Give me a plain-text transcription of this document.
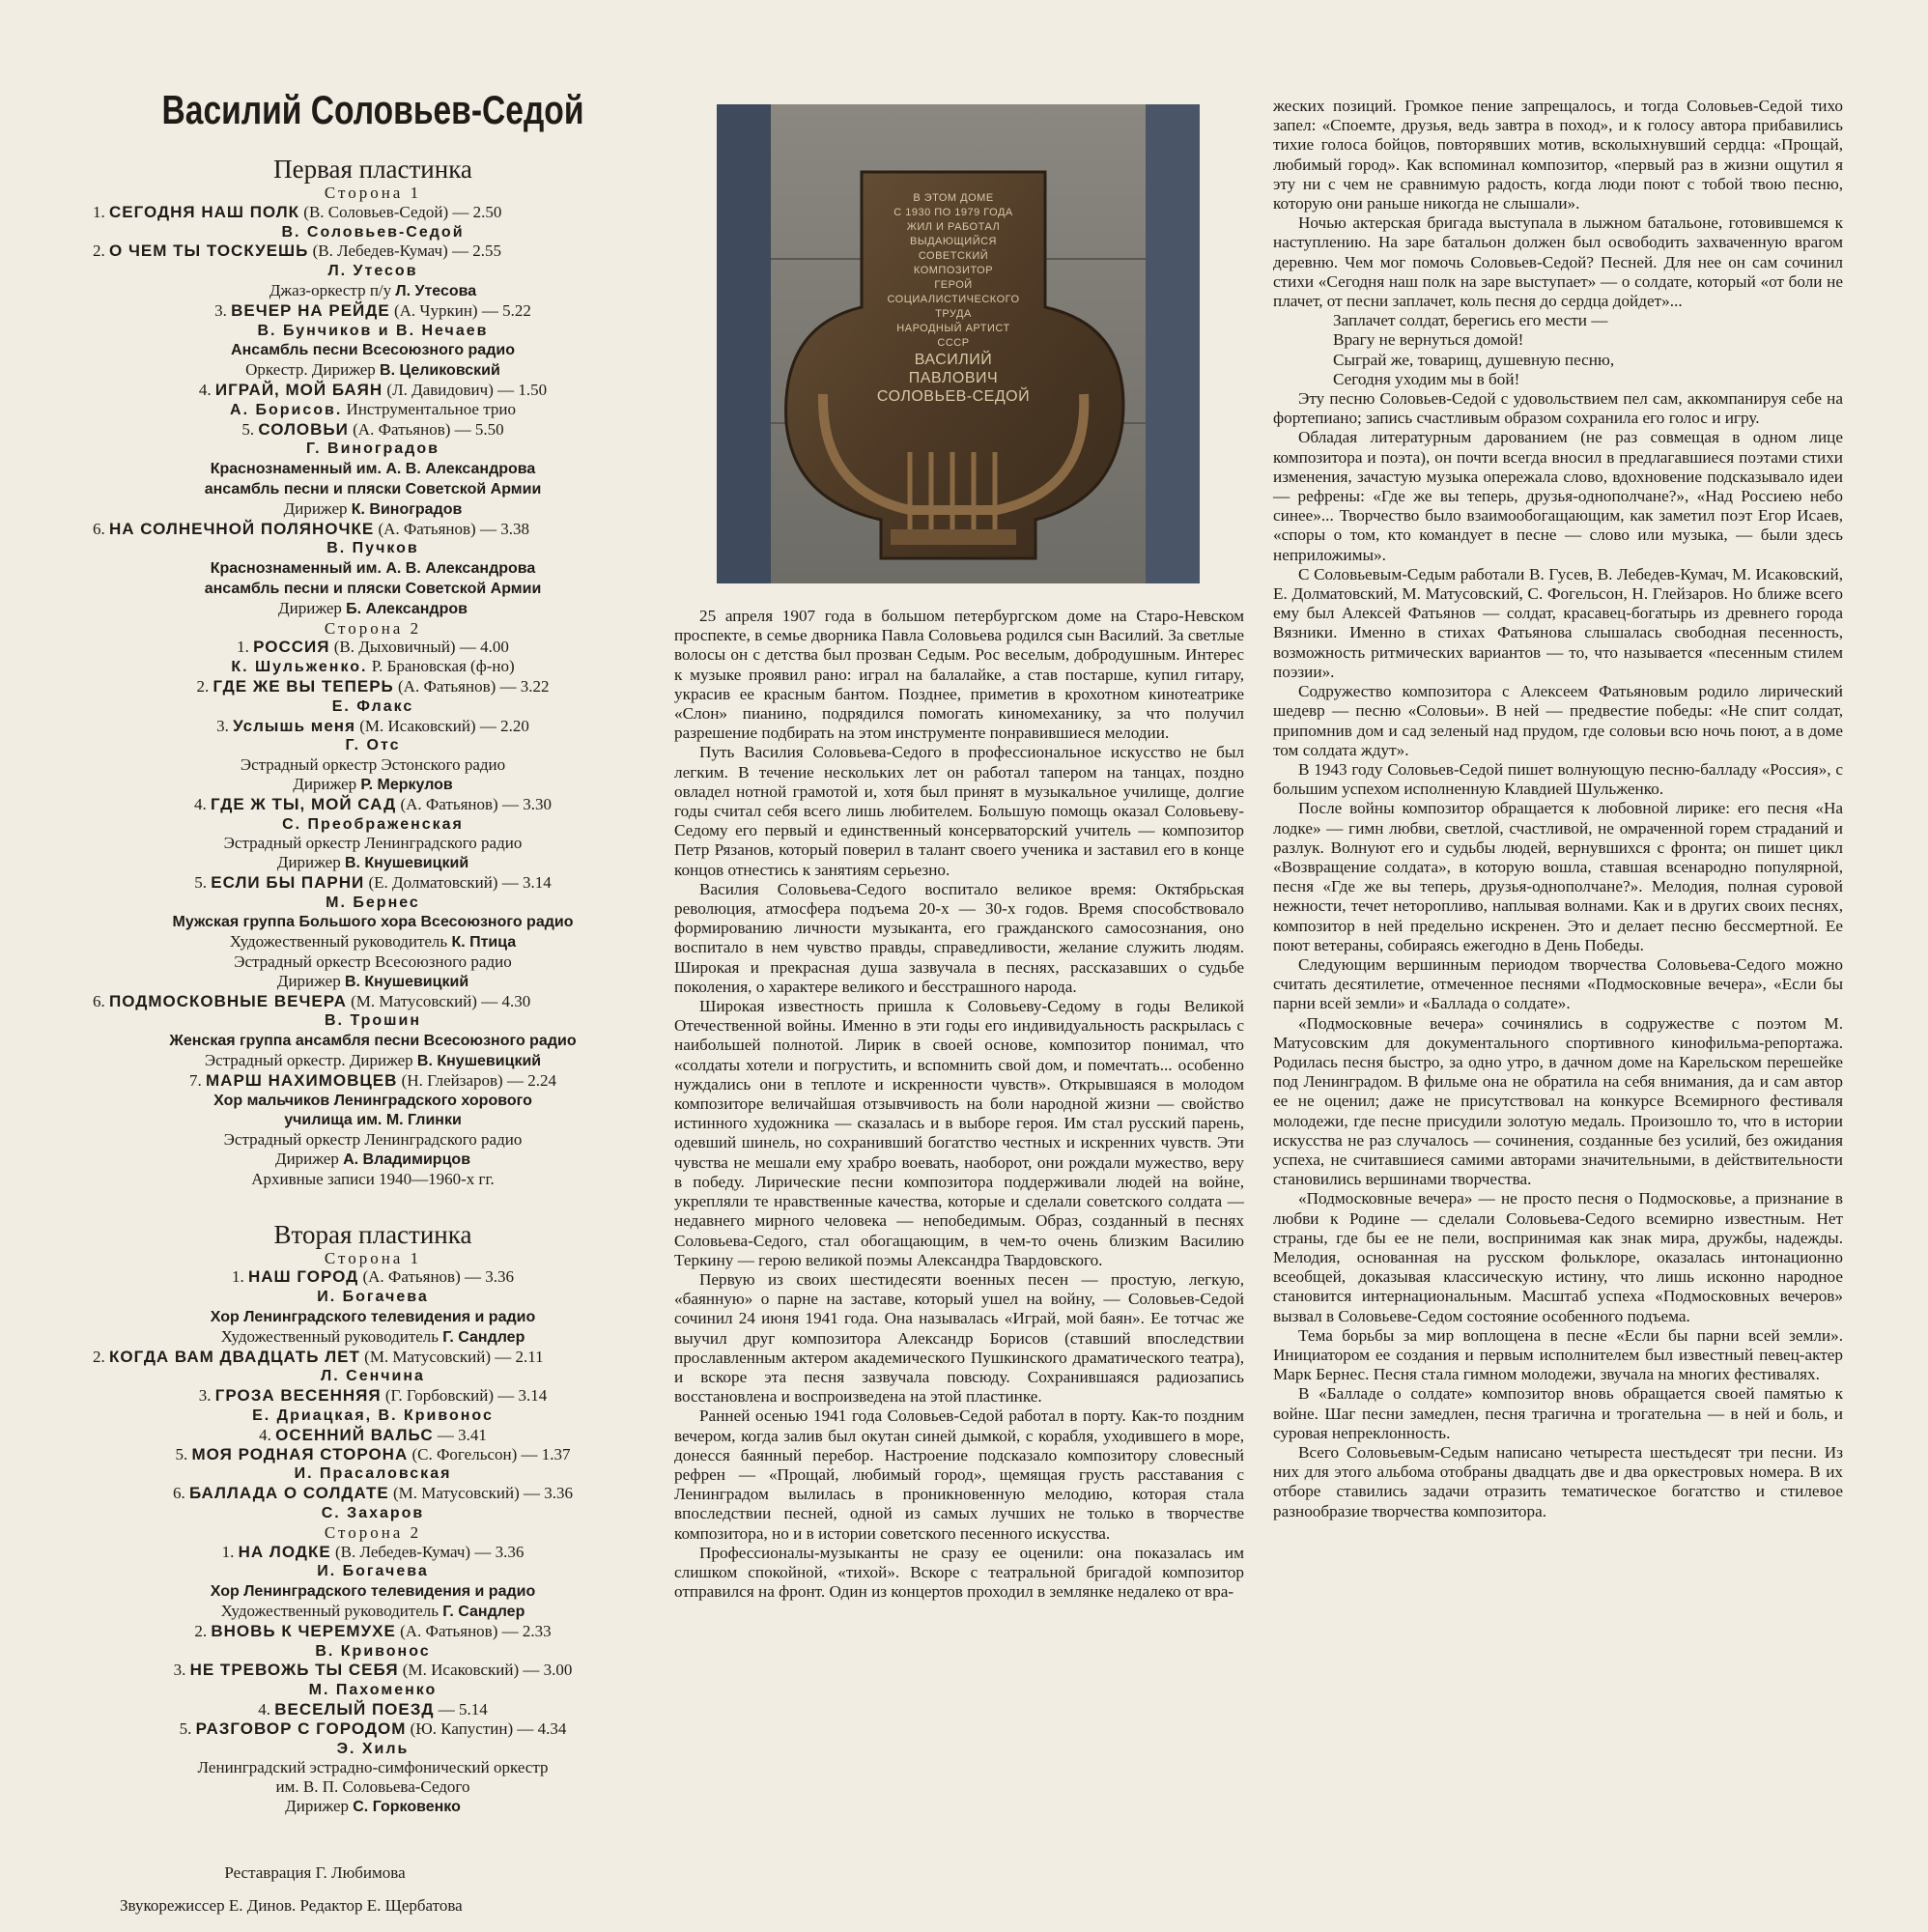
Василий Соловьев-Седой
Первая пластинка
Сторона 1
1. СЕГОДНЯ НАШ ПОЛК (В. Соловьев-Седой) — 2.50
В. Соловьев-Седой
2. О ЧЕМ ТЫ ТОСКУЕШЬ (В. Лебедев-Кумач) — 2.55
Л. Утесов
Джаз-оркестр п/у Л. Утесова
3. ВЕЧЕР НА РЕЙДЕ (А. Чуркин) — 5.22
В. Бунчиков и В. Нечаев
Ансамбль песни Всесоюзного радио
Оркестр. Дирижер В. Целиковский
4. ИГРАЙ, МОЙ БАЯН (Л. Давидович) — 1.50
А. Борисов. Инструментальное трио
5. СОЛОВЬИ (А. Фатьянов) — 5.50
Г. Виноградов
Краснознаменный им. А. В. Александрова
ансамбль песни и пляски Советской Армии
Дирижер К. Виноградов
6. НА СОЛНЕЧНОЙ ПОЛЯНОЧКЕ (А. Фатьянов) — 3.38
В. Пучков
Краснознаменный им. А. В. Александрова
ансамбль песни и пляски Советской Армии
Дирижер Б. Александров
Сторона 2
1. РОССИЯ (В. Дыховичный) — 4.00
К. Шульженко. Р. Брановская (ф-но)
2. ГДЕ ЖЕ ВЫ ТЕПЕРЬ (А. Фатьянов) — 3.22
Е. Флакс
3. Услышь меня (М. Исаковский) — 2.20
Г. Отс
Эстрадный оркестр Эстонского радио
Дирижер Р. Меркулов
4. ГДЕ Ж ТЫ, МОЙ САД (А. Фатьянов) — 3.30
С. Преображенская
Эстрадный оркестр Ленинградского радио
Дирижер В. Кнушевицкий
5. ЕСЛИ БЫ ПАРНИ (Е. Долматовский) — 3.14
М. Бернес
Мужская группа Большого хора Всесоюзного радио
Художественный руководитель К. Птица
Эстрадный оркестр Всесоюзного радио
Дирижер В. Кнушевицкий
6. ПОДМОСКОВНЫЕ ВЕЧЕРА (М. Матусовский) — 4.30
В. Трошин
Женская группа ансамбля песни Всесоюзного радио
Эстрадный оркестр. Дирижер В. Кнушевицкий
7. МАРШ НАХИМОВЦЕВ (Н. Глейзаров) — 2.24
Хор мальчиков Ленинградского хорового
училища им. М. Глинки
Эстрадный оркестр Ленинградского радио
Дирижер А. Владимирцов
Архивные записи 1940—1960-х гг.
Вторая пластинка
Сторона 1
1. НАШ ГОРОД (А. Фатьянов) — 3.36
И. Богачева
Хор Ленинградского телевидения и радио
Художественный руководитель Г. Сандлер
2. КОГДА ВАМ ДВАДЦАТЬ ЛЕТ (М. Матусовский) — 2.11
Л. Сенчина
3. ГРОЗА ВЕСЕННЯЯ (Г. Горбовский) — 3.14
Е. Дриацкая, В. Кривонос
4. ОСЕННИЙ ВАЛЬС — 3.41
5. МОЯ РОДНАЯ СТОРОНА (С. Фогельсон) — 1.37
И. Прасаловская
6. БАЛЛАДА О СОЛДАТЕ (М. Матусовский) — 3.36
С. Захаров
Сторона 2
1. НА ЛОДКЕ (В. Лебедев-Кумач) — 3.36
И. Богачева
Хор Ленинградского телевидения и радио
Художественный руководитель Г. Сандлер
2. ВНОВЬ К ЧЕРЕМУХЕ (А. Фатьянов) — 2.33
В. Кривонос
3. НЕ ТРЕВОЖЬ ТЫ СЕБЯ (М. Исаковский) — 3.00
М. Пахоменко
4. ВЕСЕЛЫЙ ПОЕЗД — 5.14
5. РАЗГОВОР С ГОРОДОМ (Ю. Капустин) — 4.34
Э. Хиль
Ленинградский эстрадно-симфонический оркестр
им. В. П. Соловьева-Седого
Дирижер С. Горковенко
Реставрация Г. Любимова
Звукорежиссер Е. Динов. Редактор Е. Щербатова
В ЭТОМ ДОМЕ
С 1930 ПО 1979 ГОДА
ЖИЛ И РАБОТАЛ
ВЫДАЮЩИЙСЯ
СОВЕТСКИЙ
КОМПОЗИТОР
ГЕРОЙ
СОЦИАЛИСТИЧЕСКОГО
ТРУДА
НАРОДНЫЙ АРТИСТ
СССР
ВАСИЛИЙ ПАВЛОВИЧ
СОЛОВЬЕВ-СЕДОЙ

25 апреля 1907 года в большом петербургском доме на Старо-Невском проспекте, в семье дворника Павла Соловьева родился сын Василий. За светлые волосы он с детства был прозван Седым. Рос веселым, добродушным. Интерес к музыке проявил рано: играл на балалайке, а став постарше, купил гитару, украсив ее красным бантом. Позднее, приметив в крохотном кинотеатрике «Слон» пианино, подрядился помогать киномеханику, за что получил разрешение подбирать на этом инструменте понравившиеся мелодии.

Путь Василия Соловьева-Седого в профессиональное искусство не был легким. В течение нескольких лет он работал тапером на танцах, поздно овладел нотной грамотой и, хотя был принят в музыкальное училище, долгие годы считал себя всего лишь любителем. Большую помощь оказал Соловьеву-Седому его первый и единственный консерваторский учитель — композитор Петр Рязанов, который поверил в талант своего ученика и заставил его в конце концов отнестись к занятиям серьезно.

Василия Соловьева-Седого воспитало великое время: Октябрьская революция, атмосфера подъема 20-х — 30-х годов. Время способствовало формированию личности музыканта, его гражданского самосознания, оно воспитало в нем чувство правды, справедливости, желание служить людям. Широкая и прекрасная душа зазвучала в песнях, рассказавших о судьбе поколения, о характере великого и бесстрашного народа.

Широкая известность пришла к Соловьеву-Седому в годы Великой Отечественной войны. Именно в эти годы его индивидуальность раскрылась с наибольшей полнотой. Лирик в своей основе, композитор понимал, что «солдаты хотели и погрустить, и вспомнить свой дом, и помечтать... особенно нуждались они в теплоте и искренности чувств». Открывшаяся в молодом композиторе величайшая отзывчивость на боли народной жизни — свойство истинного художника — сказалась и в выборе героя. Им стал русский парень, одевший шинель, но сохранивший богатство честных и искренних чувств. Эти чувства не мешали ему храбро воевать, наоборот, они рождали мужество, веру в победу. Лирические песни композитора поддерживали людей на войне, укрепляли те нравственные качества, которые и сделали советского солдата — недавнего мирного человека — непобедимым. Образ, созданный в песнях Соловьева-Седого, стал обогащающим, в чем-то очень близким Василию Теркину — герою великой поэмы Александра Твардовского.

Первую из своих шестидесяти военных песен — простую, легкую, «баянную» о парне на заставе, который ушел на войну, — Соловьев-Седой сочинил 24 июня 1941 года. Она называлась «Играй, мой баян». Ее тотчас же выучил друг композитора Александр Борисов (ставший впоследствии прославленным актером академического Пушкинского драматического театра), и вскоре эта песня зазвучала повсюду. Сохранившаяся радиозапись восстановлена и воспроизведена на этой пластинке.

Ранней осенью 1941 года Соловьев-Седой работал в порту. Как-то поздним вечером, когда залив был окутан синей дымкой, с корабля, уходившего в море, донесся баянный перебор. Настроение подсказало композитору словесный рефрен — «Прощай, любимый город», щемящая грусть расставания с Ленинградом вылилась в проникновенную мелодию, которая стала впоследствии песней, одной из самых лучших не только в творчестве композитора, но и в истории советского песенного искусства.

Профессионалы-музыканты не сразу ее оценили: она показалась им слишком спокойной, «тихой». Вскоре с театральной бригадой композитор отправился на фронт. Один из концертов проходил в землянке недалеко от вра-

жеских позиций. Громкое пение запрещалось, и тогда Соловьев-Седой тихо запел: «Споемте, друзья, ведь завтра в поход», и к голосу автора прибавились тихие голоса бойцов, повторявших мотив, всколыхнувший сердца: «Прощай, любимый город». Как вспоминал композитор, «первый раз в жизни ощутил я эту ни с чем не сравнимую радость, когда люди поют с тобой твою песню, которую они раньше никогда не слышали».

Ночью актерская бригада выступала в лыжном батальоне, готовившемся к наступлению. На заре батальон должен был освободить захваченную врагом деревню. Чем мог помочь Соловьев-Седой? Песней. Для нее он сам сочинил стихи «Сегодня наш полк на заре выступает» — о солдате, который «от боли не плачет, от песни заплачет, коль песня до сердца дойдет»...

Заплачет солдат, берегись его мести —
Врагу не вернуться домой!
Сыграй же, товарищ, душевную песню,
Сегодня уходим мы в бой!

Эту песню Соловьев-Седой с удовольствием пел сам, аккомпанируя себе на фортепиано; запись счастливым образом сохранила его голос и игру.

Обладая литературным дарованием (не раз совмещая в одном лице композитора и поэта), он почти всегда вносил в предлагавшиеся поэтами стихи изменения, зачастую музыка опережала слово, вдохновение подсказывало идеи — рефрены: «Где же вы теперь, друзья-однополчане?», «Над Россиею небо синее»... Творчество было взаимообогащающим, как заметил поэт Егор Исаев, «споры о том, кто командует в песне — слово или музыка, — были здесь неприложимы».

С Соловьевым-Седым работали В. Гусев, В. Лебедев-Кумач, М. Исаковский, Е. Долматовский, М. Матусовский, С. Фогельсон, Н. Глейзаров. Но ближе всего ему был Алексей Фатьянов — солдат, красавец-богатырь из древнего города Вязники. Именно в стихах Фатьянова слышалась свободная песенность, возможность ритмических вариантов — то, что называется «песенным стилем поэзии».

Содружество композитора с Алексеем Фатьяновым родило лирический шедевр — песню «Соловьи». В ней — предвестие победы: «Не спит солдат, припомнив дом и сад зеленый над прудом, где соловьи всю ночь поют, а в доме том солдата ждут».

В 1943 году Соловьев-Седой пишет волнующую песню-балладу «Россия», с большим успехом исполненную Клавдией Шульженко.

После войны композитор обращается к любовной лирике: его песня «На лодке» — гимн любви, светлой, счастливой, не омраченной горем страданий и разлук. Волнуют его и судьбы людей, вернувшихся с фронта; он пишет цикл «Возвращение солдата», в которую вошла, ставшая всенародно популярной, песня «Где же вы теперь, друзья-однополчане?». Мелодия, полная суровой нежности, течет неторопливо, наплывая волнами. Как и в других своих песнях, композитор в ней предельно искренен. Это и делает песню бессмертной. Ее поют ветераны, собираясь ежегодно в День Победы.

Следующим вершинным периодом творчества Соловьева-Седого можно считать десятилетие, отмеченное песнями «Подмосковные вечера», «Если бы парни всей земли» и «Баллада о солдате».

«Подмосковные вечера» сочинялись в содружестве с поэтом М. Матусовским для документального спортивного кинофильма-репортажа. Родилась песня быстро, за одно утро, в дачном доме на Карельском перешейке под Ленинградом. В фильме она не обратила на себя внимания, да и сам автор ее не оценил; даже не присутствовал на конкурсе Всемирного фестиваля молодежи, где песне присудили золотую медаль. Произошло то, что в истории искусства не раз случалось — сочинения, созданные без усилий, без ожидания успеха, не считавшиеся самими авторами значительными, в действительности становились вершинами творчества.

«Подмосковные вечера» — не просто песня о Подмосковье, а признание в любви к Родине — сделали Соловьева-Седого всемирно известным. Нет страны, где бы ее не пели, воспринимая как знак мира, дружбы, надежды. Мелодия, основанная на русском фольклоре, оказалась интонационно всеобщей, доказывая классическую истину, что лишь исконно народное становится интернациональным. Масштаб успеха «Подмосковных вечеров» вызвал в Соловьеве-Седом состояние особенного подъема.

Тема борьбы за мир воплощена в песне «Если бы парни всей земли». Инициатором ее создания и первым исполнителем был известный певец-актер Марк Бернес. Песня стала гимном молодежи, звучала на многих фестивалях.

В «Балладе о солдате» композитор вновь обращается своей памятью к войне. Шаг песни замедлен, песня трагична и трогательна — в ней и боль, и суровая непреклонность.

Всего Соловьевым-Седым написано четыреста шестьдесят три песни. Из них для этого альбома отобраны двадцать две и два оркестровых номера. В их отборе ставились задачи отразить тематическое богатство и стилевое разнообразие творчества композитора.
